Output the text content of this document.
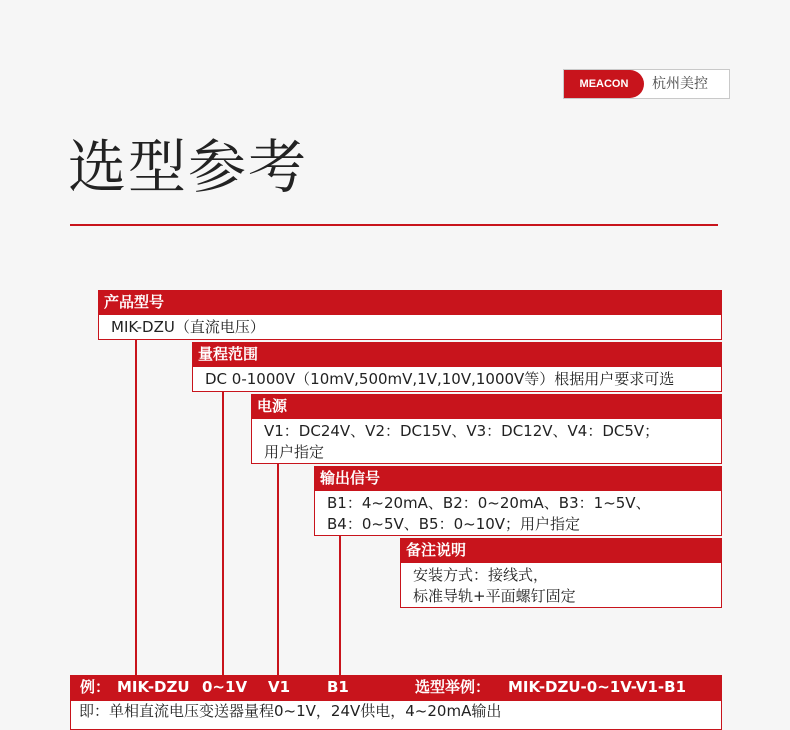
MEACON	杭州美控
选型参考
产品型号
MIK-DZU（直流电压）
量程范围
DC 0-1000V（10mV,500mV,1V,10V,1000V等）根据用户要求可选
电源
V1：DC24V、V2：DC15V、V3：DC12V、V4：DC5V；
用户指定
输出信号
B1：4~20mA、B2：0~20mA、B3：1~5V、
B4：0~5V、B5：0~10V；用户指定
备注说明
安装方式：接线式，
标准导轨+平面螺钉固定
例： MIK-DZU 0~1V V1 B1	选型举例： MIK-DZU-0~1V-V1-B1
即：单相直流电压变送器量程0~1V，24V供电，4~20mA输出
